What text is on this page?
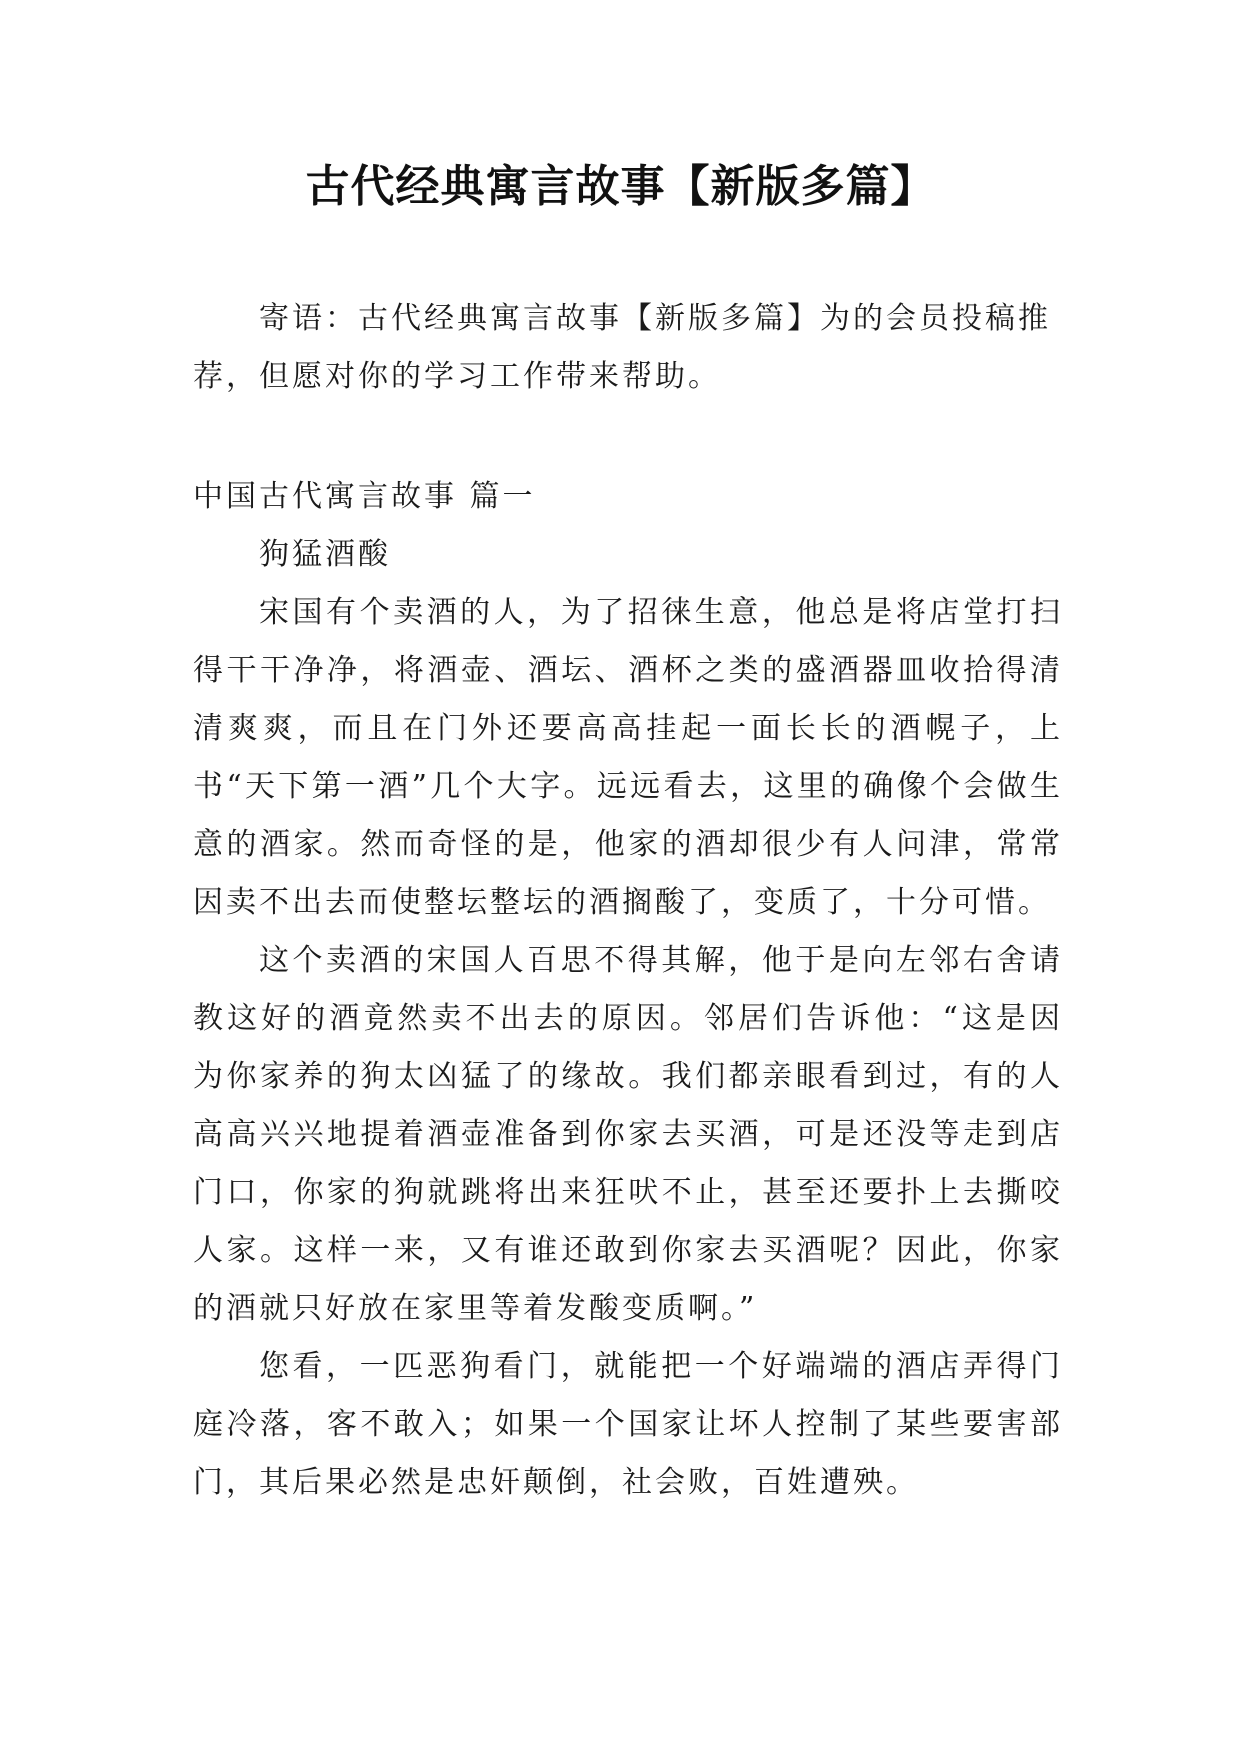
古代经典寓言故事【新版多篇】

寄语：古代经典寓言故事【新版多篇】为的会员投稿推荐，但愿对你的学习工作带来帮助。

中国古代寓言故事 篇一

狗猛酒酸

宋国有个卖酒的人，为了招徕生意，他总是将店堂打扫得干干净净，将酒壶、酒坛、酒杯之类的盛酒器皿收拾得清清爽爽，而且在门外还要高高挂起一面长长的酒幌子，上书“天下第一酒”几个大字。远远看去，这里的确像个会做生意的酒家。然而奇怪的是，他家的酒却很少有人问津，常常因卖不出去而使整坛整坛的酒搁酸了，变质了，十分可惜。

这个卖酒的宋国人百思不得其解，他于是向左邻右舍请教这好的酒竟然卖不出去的原因。邻居们告诉他：“这是因为你家养的狗太凶猛了的缘故。我们都亲眼看到过，有的人高高兴兴地提着酒壶准备到你家去买酒，可是还没等走到店门口，你家的狗就跳将出来狂吠不止，甚至还要扑上去撕咬人家。这样一来，又有谁还敢到你家去买酒呢？因此，你家的酒就只好放在家里等着发酸变质啊。”

您看，一匹恶狗看门，就能把一个好端端的酒店弄得门庭冷落，客不敢入；如果一个国家让坏人控制了某些要害部门，其后果必然是忠奸颠倒，社会败，百姓遭殃。
